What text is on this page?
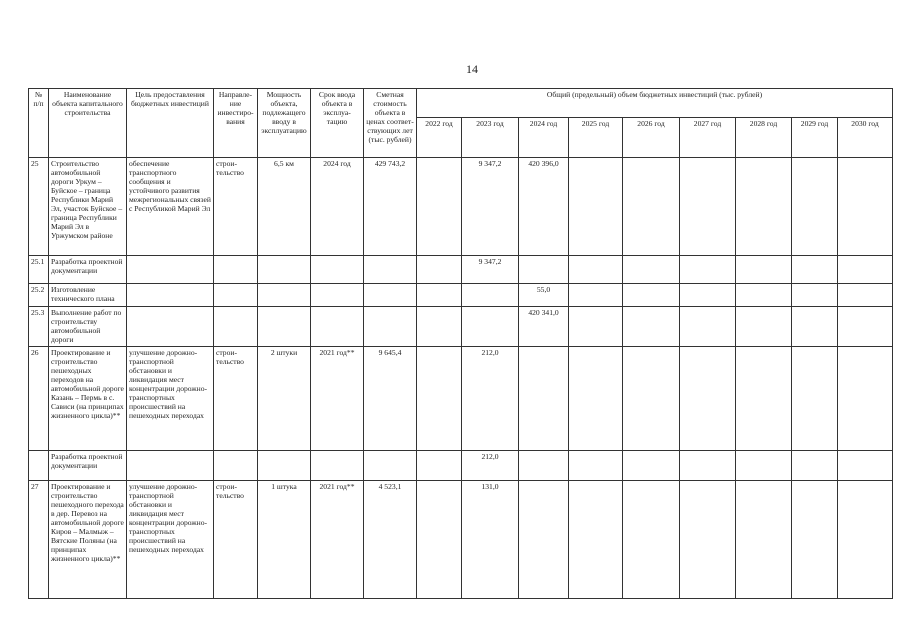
14
№ п/п	Наименование объекта капитального строительства	Цель предоставления бюджетных инвестиций	Направле-ние инвестиро-вания	Мощность объекта, подлежащего вводу в эксплуатацию	Срок ввода объекта в эксплуа-тацию	Сметная стоимость объекта в ценах соответ-ствующих лет (тыс. рублей)	Общий (предельный) объем бюджетных инвестиций (тыс. рублей)								
							2022 год	2023 год	2024 год	2025 год	2026 год	2027 год	2028 год	2029 год	2030 год
25	Строительство автомобильной дороги Уркум – Буйское – граница Республики Марий Эл, участок Буйское – граница Республики Марий Эл в Уржумском районе	обеспечение транспортного сообщения и устойчивого развития межрегиональных связей с Республикой Марий Эл	строи-тельство	6,5 км	2024 год	429 743,2		9 347,2	420 396,0						
25.1	Разработка проектной документации							9 347,2							
25.2	Изготовление технического плана								55,0						
25.3	Выполнение работ по строительству автомобильной дороги								420 341,0						
26	Проектирование и строительство пешеходных переходов на автомобильной дороге Казань – Пермь в с. Сависи (на принципах жизненного цикла)**	улучшение дорожно-транспортной обстановки и ликвидация мест концентрации дорожно-транспортных происшествий на пешеходных переходах	строи-тельство	2 штуки	2021 год**	9 645,4		212,0							
	Разработка проектной документации							212,0							
27	Проектирование и строительство пешеходного перехода в дер. Перевоз на автомобильной дороге Киров – Малмыж – Вятские Поляны (на принципах жизненного цикла)**	улучшение дорожно-транспортной обстановки и ликвидация мест концентрации дорожно-транспортных происшествий на пешеходных переходах	строи-тельство	1 штука	2021 год**	4 523,1		131,0							
